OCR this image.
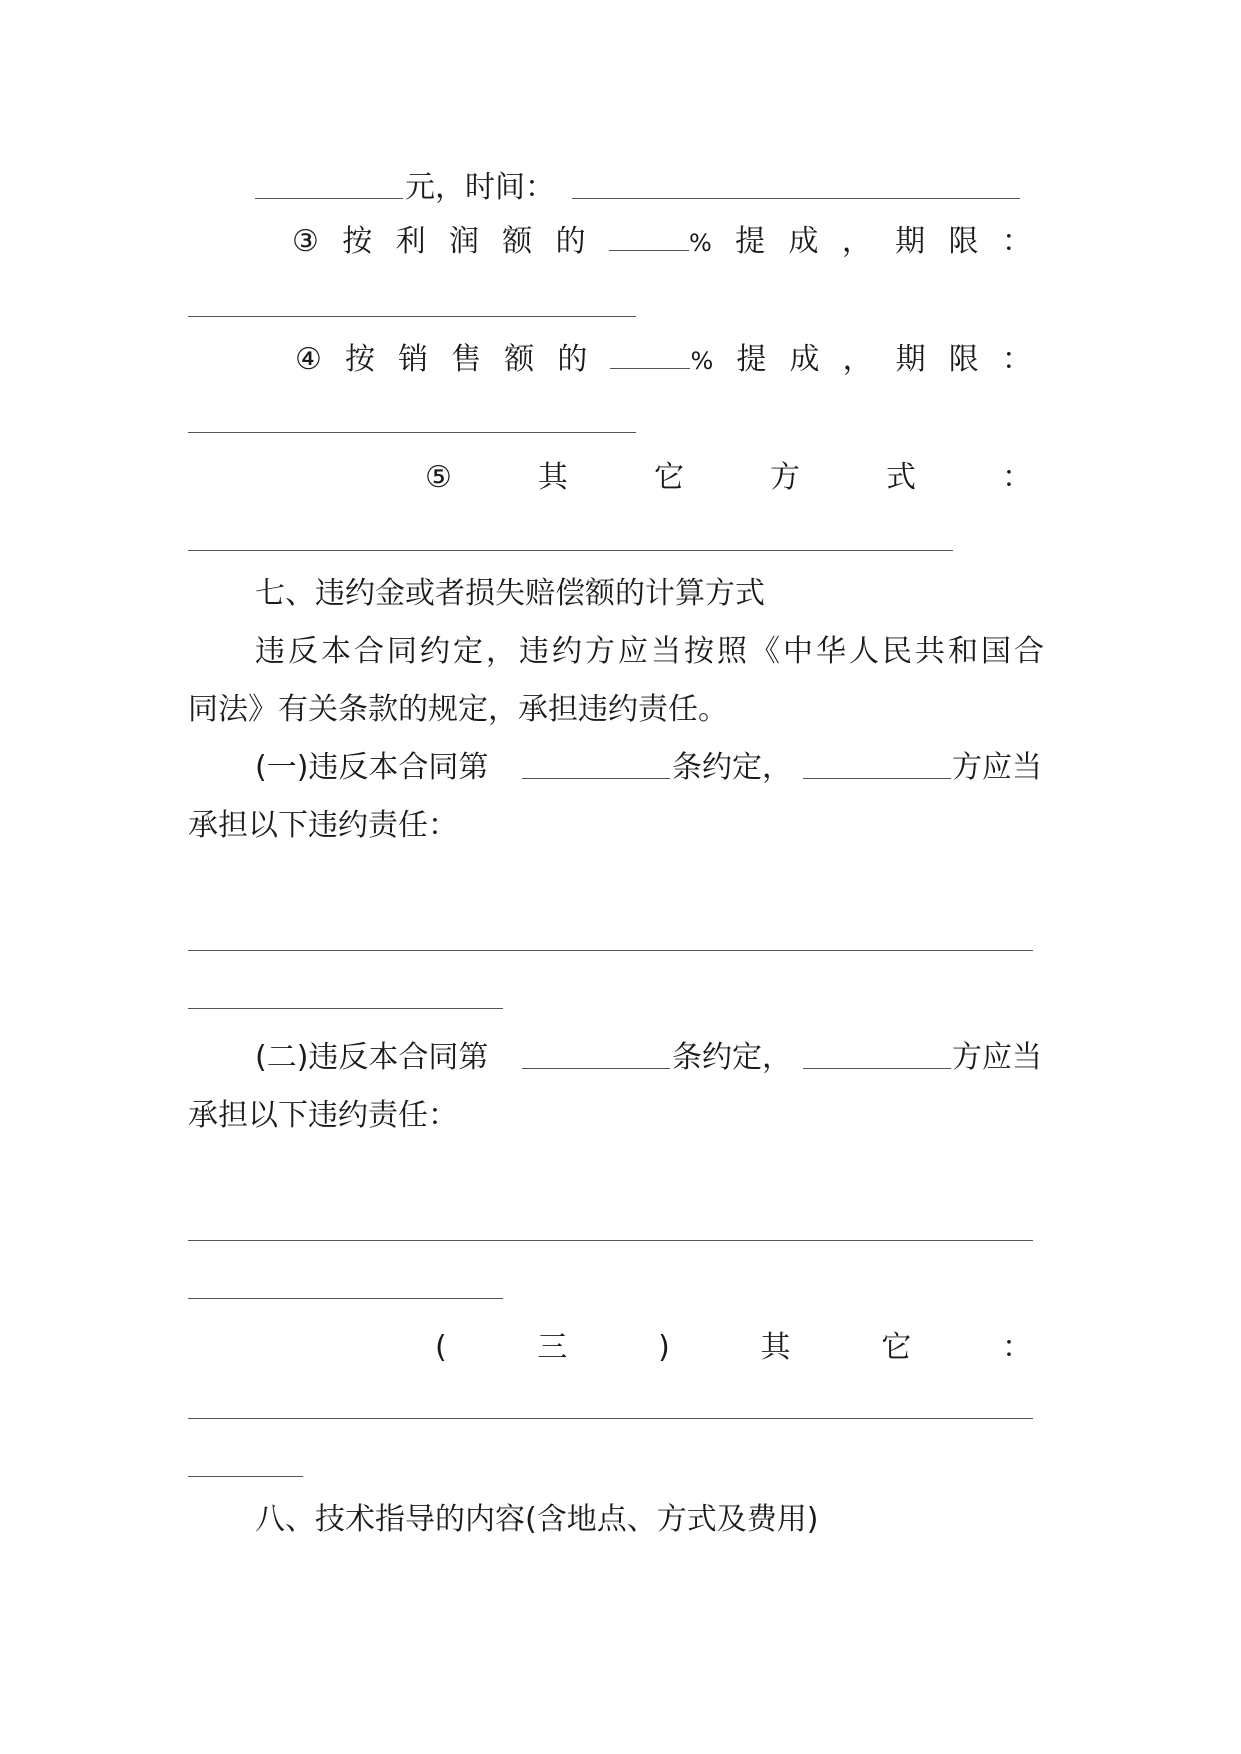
元，时间：
③ 按 利 润 额 的	% 提 成 ， 期 限 ：
④ 按 销 售 额 的	% 提 成 ， 期 限 ：
⑤	其	它	方	式	：
七、违约金或者损失赔偿额的计算方式
违反本合同约定，违约方应当按照《中华人民共和国合
同法》有关条款的规定，承担违约责任。
(一)违反本合同第	条约定，	方应当
承担以下违约责任：
(二)违反本合同第	条约定，	方应当
承担以下违约责任：
(	三	)	其	它	：
八、技术指导的内容(含地点、方式及费用)
